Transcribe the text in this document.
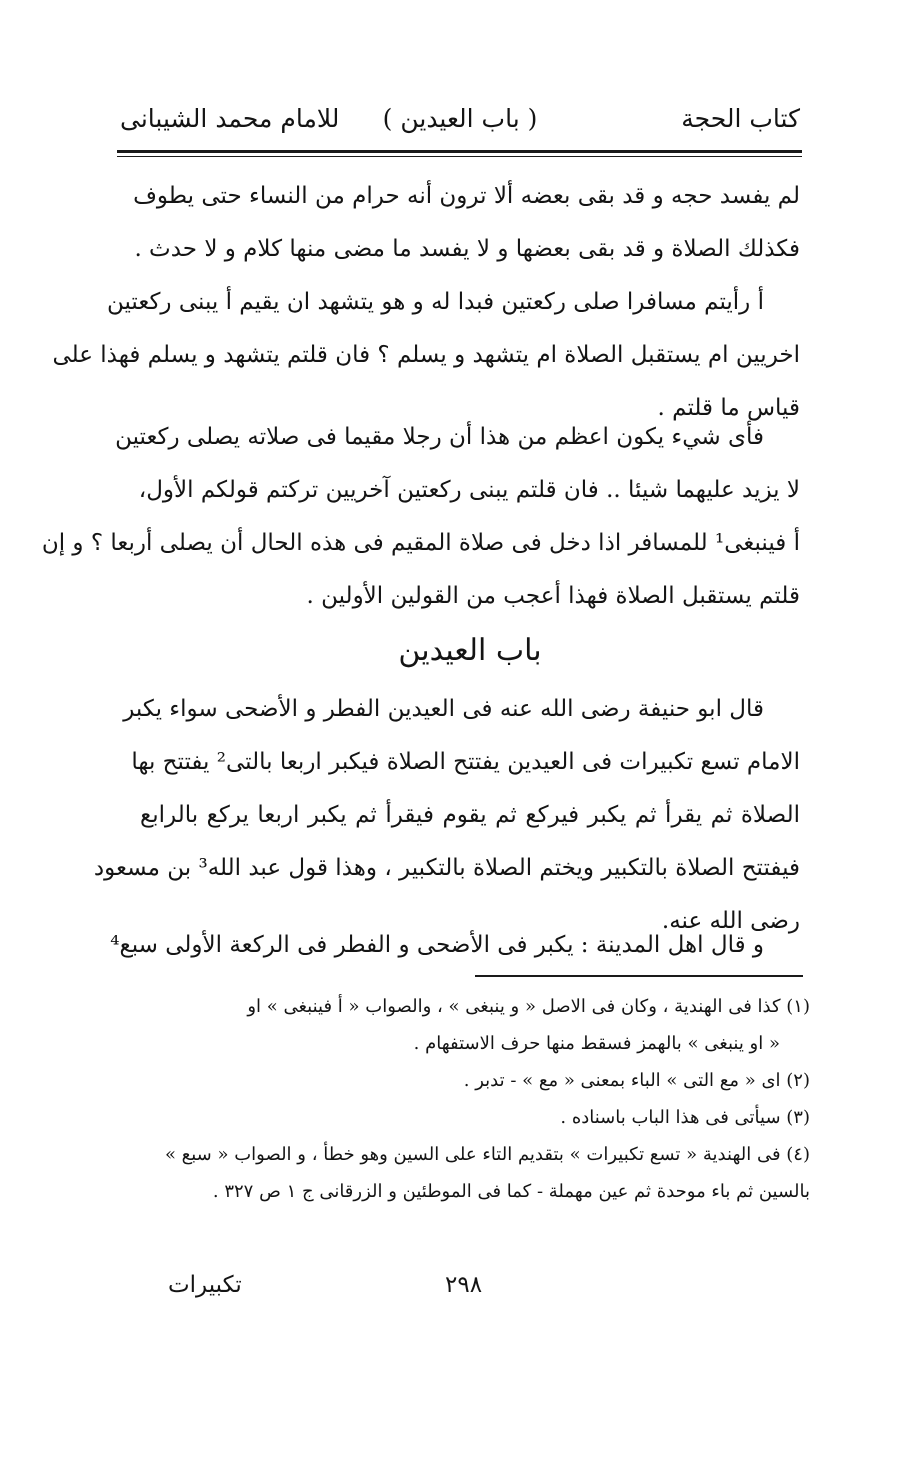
كتاب الحجة
( باب العيدين )
للامام محمد الشيبانى
لم يفسد حجه و قد بقى بعضه ألا ترون أنه حرام من النساء حتى يطوف
فكذلك الصلاة و قد بقى بعضها و لا يفسد ما مضى منها كلام و لا حدث .
أ رأيتم مسافرا صلى ركعتين فبدا له و هو يتشهد ان يقيم أ يبنى ركعتين
اخريين ام يستقبل الصلاة ام يتشهد و يسلم ؟ فان قلتم يتشهد و يسلم فهذا على
قياس ما قلتم .
فأى شيء يكون اعظم من هذا أن رجلا مقيما فى صلاته يصلى ركعتين
لا يزيد عليهما شيئا .. فان قلتم يبنى ركعتين آخريين تركتم قولكم الأول،
أ فينبغى¹ للمسافر اذا دخل فى صلاة المقيم فى هذه الحال أن يصلى أربعا ؟ و إن
قلتم يستقبل الصلاة فهذا أعجب من القولين الأولين .
باب العيدين
قال ابو حنيفة رضى الله عنه فى العيدين الفطر و الأضحى سواء يكبر
الامام تسع تكبيرات فى العيدين يفتتح الصلاة فيكبر اربعا بالتى² يفتتح بها
الصلاة ثم يقرأ ثم يكبر فيركع ثم يقوم فيقرأ ثم يكبر اربعا يركع بالرابع
فيفتتح الصلاة بالتكبير ويختم الصلاة بالتكبير ، وهذا قول عبد الله³ بن مسعود
رضى الله عنه.
و قال اهل المدينة : يكبر فى الأضحى و الفطر فى الركعة الأولى سبع⁴
(١) كذا فى الهندية ، وكان فى الاصل « و ينبغى » ، والصواب « أ فينبغى » او
« او ينبغى » بالهمز فسقط منها حرف الاستفهام .
(٢) اى « مع التى » الباء بمعنى « مع » - تدبر .
(٣) سيأتى فى هذا الباب باسناده .
(٤) فى الهندية « تسع تكبيرات » بتقديم التاء على السين وهو خطأ ، و الصواب « سبع »
بالسين ثم باء موحدة ثم عين مهملة - كما فى الموطئين و الزرقانى ج ١ ص ٣٢٧ .
٢٩٨
تكبيرات
